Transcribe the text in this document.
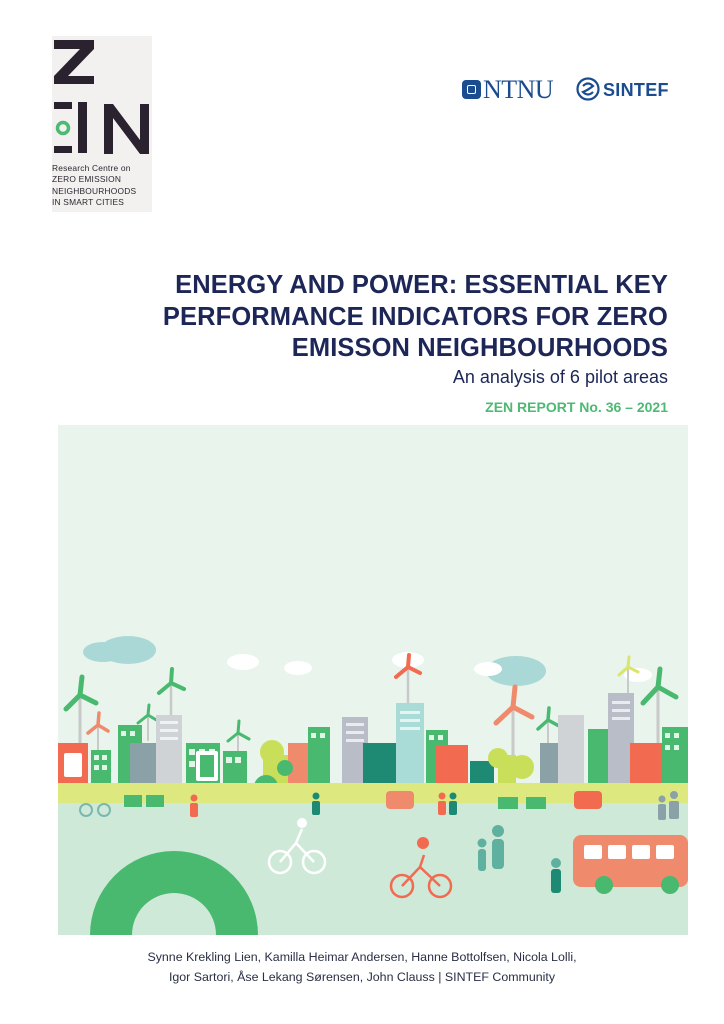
Research Centre on
ZERO EMISSION
NEIGHBOURHOODS
IN SMART CITIES
NTNU	SINTEF
ENERGY AND POWER: ESSENTIAL KEY
PERFORMANCE INDICATORS FOR ZERO
EMISSON NEIGHBOURHOODS

An analysis of 6 pilot areas

ZEN REPORT No. 36 – 2021

Synne Krekling Lien, Kamilla Heimar Andersen, Hanne Bottolfsen, Nicola Lolli,
Igor Sartori, Åse Lekang Sørensen, John Clauss | SINTEF Community
